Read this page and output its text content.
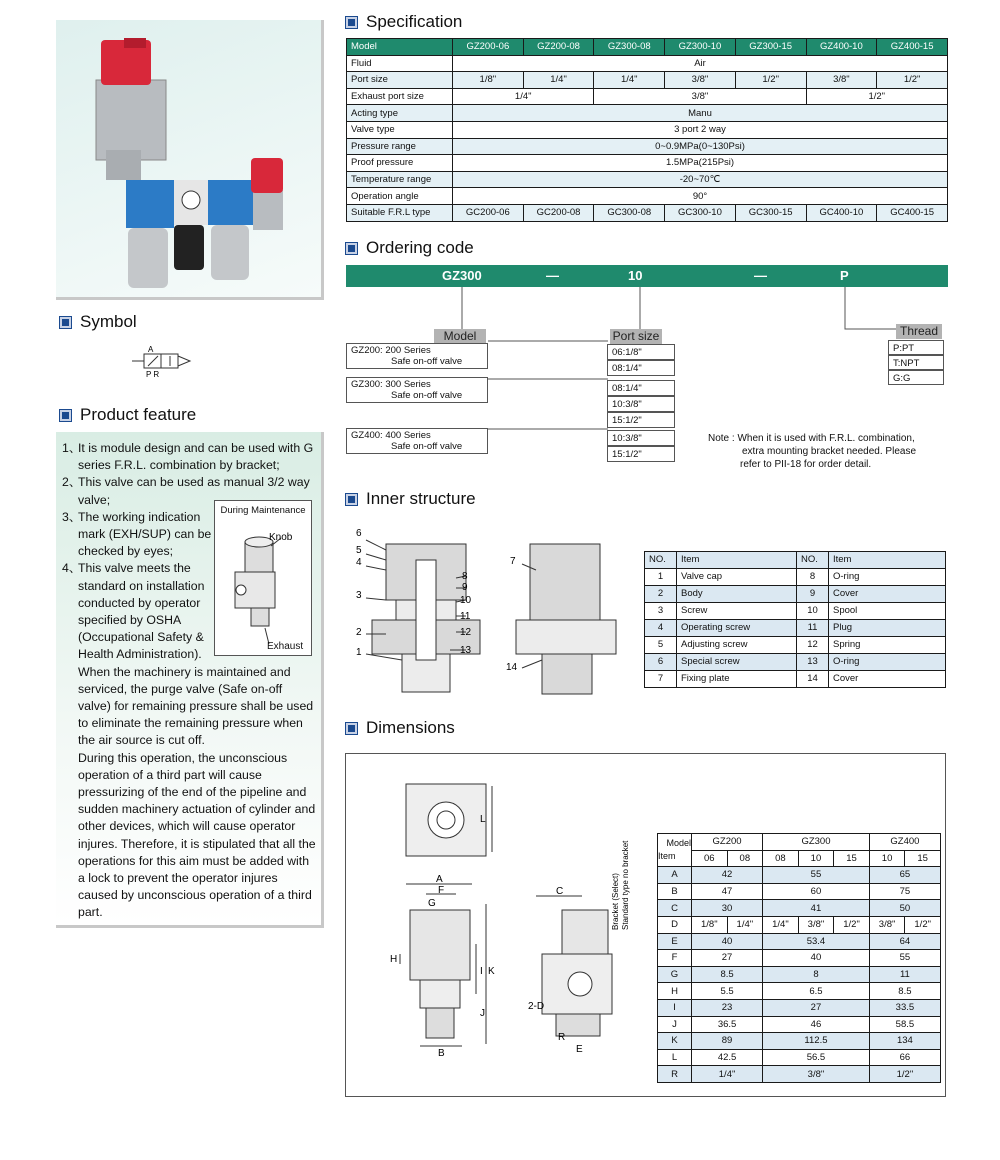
Symbol
A
P R
Product feature
1、
It is module design and can be used with G series F.R.L. combination by bracket;
2、
This valve can be used as manual 3/2 way valve;
3、
The working indication mark (EXH/SUP) can be checked by eyes;
4、
This valve meets the standard on installation conducted by operator specified by OSHA (Occupational Safety & Health Administration).
When the machinery is maintained and serviced, the purge valve (Safe on-off valve) for remaining pressure shall be used to eliminate the remaining pressure when the air source is cut off.
During this operation, the unconscious operation of a third part will cause pressurizing of the end of the pipeline and sudden machinery actuation of cylinder and other devices, which will cause operator injures. Therefore, it is stipulated that all the operations for this aim must be added with a lock to prevent the operator injures caused by unconscious operation of a third part.
During Maintenance
Knob
Exhaust
Specification
Model	GZ200-06	GZ200-08	GZ300-08	GZ300-10	GZ300-15	GZ400-10	GZ400-15
Fluid	Air						
Port size	1/8"	1/4"	1/4"	3/8"	1/2"	3/8"	1/2"
Exhaust port size	1/4"		3/8"			1/2"	
Acting type	Manu						
Valve type	3 port 2 way						
Pressure range	0~0.9MPa(0~130Psi)						
Proof pressure	1.5MPa(215Psi)						
Temperature range	-20~70℃						
Operation angle	90°						
Suitable F.R.L type	GC200-06	GC200-08	GC300-08	GC300-10	GC300-15	GC400-10	GC400-15
Ordering code
GZ300	—	10	—	P
Model
GZ200: 200 Series
Safe on-off valve
GZ300: 300 Series
Safe on-off valve
GZ400: 400 Series
Safe on-off valve
Port size
06:1/8"
08:1/4"
08:1/4"
10:3/8"
15:1/2"
10:3/8"
15:1/2"
Thread
P:PT
T:NPT
G:G
Note : When it is used with F.R.L. combination,
extra mounting bracket needed. Please
refer to PII-18 for order detail.
Inner structure
6
5
4
3
2
1
8
9
10
11
12
13
7
14
NO.	Item	NO.	Item
1	Valve cap	8	O-ring
2	Body	9	Cover
3	Screw	10	Spool
4	Operating screw	11	Plug
5	Adjusting screw	12	Spring
6	Special screw	13	O-ring
7	Fixing plate	14	Cover
Dimensions
L
A
F
G
B
H
I K
J
C
2-D
R
E
Bracket (Select) Standard type no bracket	Model
Item	GZ200		GZ300			GZ400	
	06	08	08	10	15	10	15
A	42		55			65	
B	47		60			75	
C	30		41			50	
D	1/8"	1/4"	1/4"	3/8"	1/2"	3/8"	1/2"
E	40		53.4			64	
F	27		40			55	
G	8.5		8			11	
H	5.5		6.5			8.5	
I	23		27			33.5	
J	36.5		46			58.5	
K	89		112.5			134	
L	42.5		56.5			66	
R	1/4"		3/8"			1/2"	
